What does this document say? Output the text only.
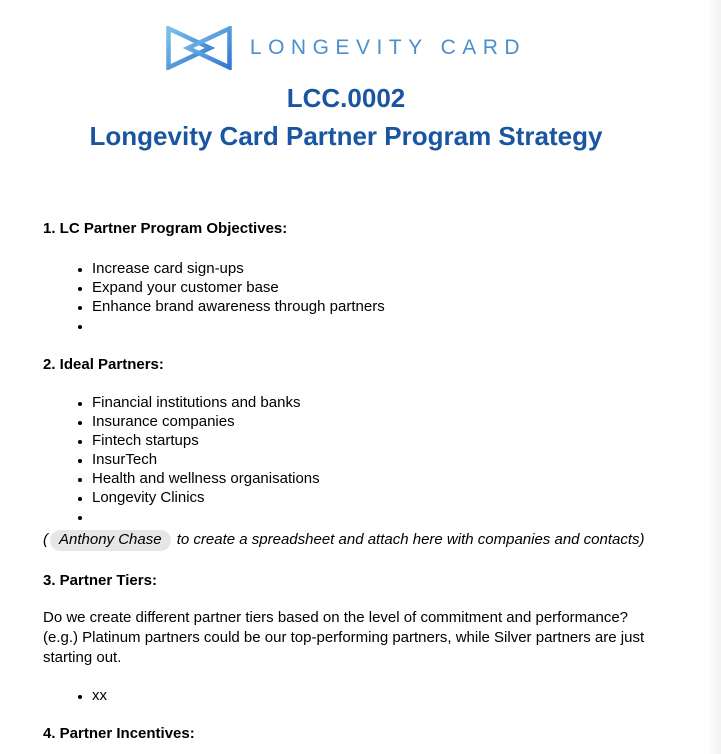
LONGEVITY CARD
LCC.0002
Longevity Card Partner Program Strategy
1. LC Partner Program Objectives:
• Increase card sign-ups
• Expand your customer base
• Enhance brand awareness through partners
•
2. Ideal Partners:
• Financial institutions and banks
• Insurance companies
• Fintech startups
• InsurTech
• Health and wellness organisations
• Longevity Clinics
•

( Anthony Chase to create a spreadsheet and attach here with companies and contacts)

3. Partner Tiers:

Do we create different partner tiers based on the level of commitment and performance? (e.g.) Platinum partners could be our top-performing partners, while Silver partners are just starting out.

• xx
4. Partner Incentives:
